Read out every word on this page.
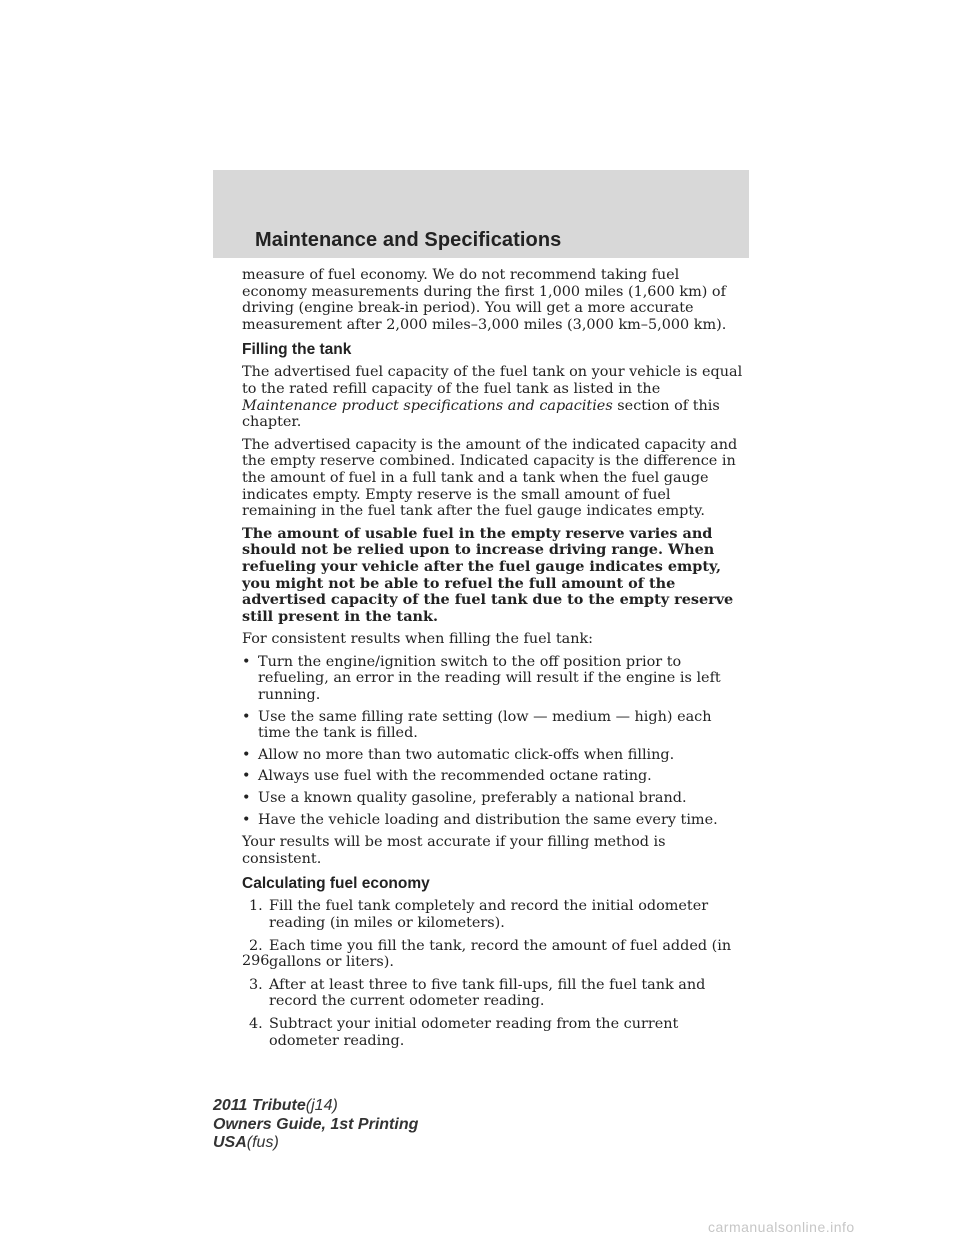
Maintenance and Specifications

measure of fuel economy. We do not recommend taking fuel economy measurements during the first 1,000 miles (1,600 km) of driving (engine break-in period). You will get a more accurate measurement after 2,000 miles–3,000 miles (3,000 km–5,000 km).

Filling the tank

The advertised fuel capacity of the fuel tank on your vehicle is equal to the rated refill capacity of the fuel tank as listed in the Maintenance product specifications and capacities section of this chapter.

The advertised capacity is the amount of the indicated capacity and the empty reserve combined. Indicated capacity is the difference in the amount of fuel in a full tank and a tank when the fuel gauge indicates empty. Empty reserve is the small amount of fuel remaining in the fuel tank after the fuel gauge indicates empty.

The amount of usable fuel in the empty reserve varies and should not be relied upon to increase driving range. When refueling your vehicle after the fuel gauge indicates empty, you might not be able to refuel the full amount of the advertised capacity of the fuel tank due to the empty reserve still present in the tank.

For consistent results when filling the fuel tank:

• Turn the engine/ignition switch to the off position prior to refueling, an error in the reading will result if the engine is left running.
• Use the same filling rate setting (low — medium — high) each time the tank is filled.
• Allow no more than two automatic click-offs when filling.
• Always use fuel with the recommended octane rating.
• Use a known quality gasoline, preferably a national brand.
• Have the vehicle loading and distribution the same every time.

Your results will be most accurate if your filling method is consistent.

Calculating fuel economy
1. Fill the fuel tank completely and record the initial odometer reading (in miles or kilometers).
2. Each time you fill the tank, record the amount of fuel added (in gallons or liters).
3. After at least three to five tank fill-ups, fill the fuel tank and record the current odometer reading.
4. Subtract your initial odometer reading from the current odometer reading.
296
2011 Tribute(j14)
Owners Guide, 1st Printing
USA(fus)
carmanualsonline.info
